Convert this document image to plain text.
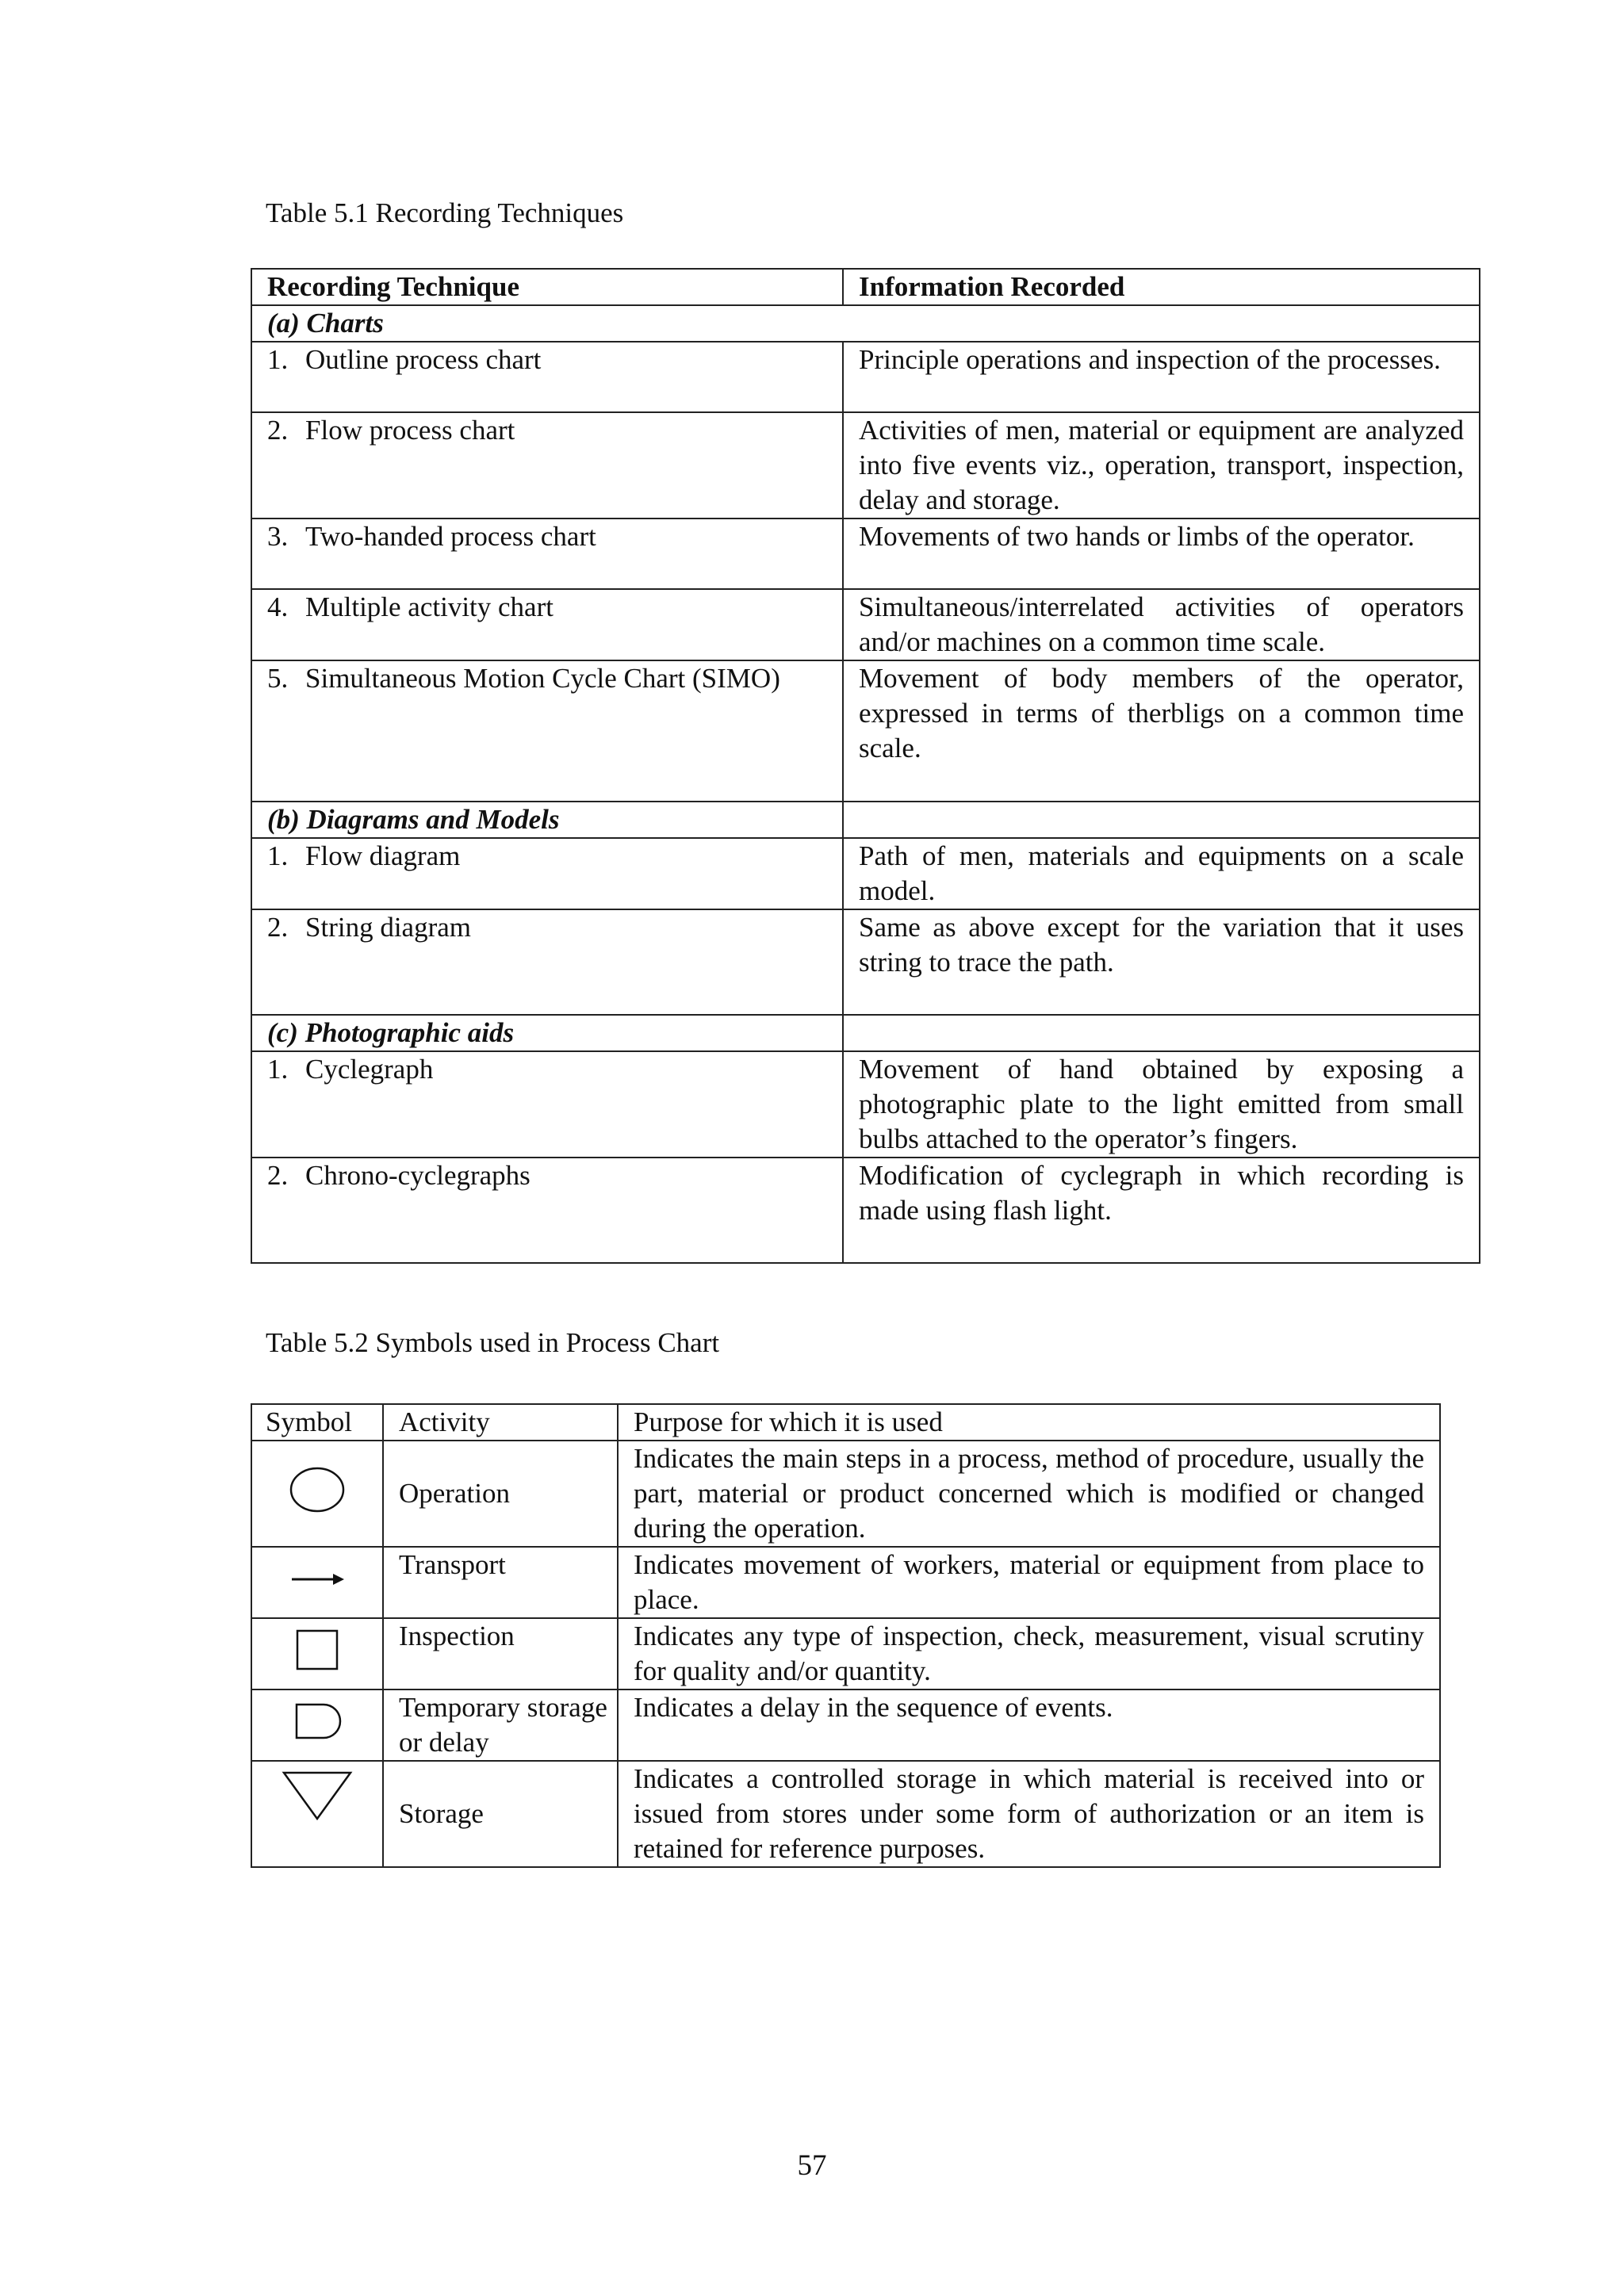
Table 5.1 Recording Techniques

Recording Technique	Information Recorded
(a) Charts	
1. Outline process chart	Principle operations and inspection of the processes.
2. Flow process chart	Activities of men, material or equipment are analyzed into five events viz., operation, transport, inspection, delay and storage.
3. Two-handed process chart	Movements of two hands or limbs of the operator.
4. Multiple activity chart	Simultaneous/interrelated activities of operators and/or machines on a common time scale.
5. Simultaneous Motion Cycle Chart (SIMO)	Movement of body members of the operator, expressed in terms of therbligs on a common time scale.
(b) Diagrams and Models	
1. Flow diagram	Path of men, materials and equipments on a scale model.
2. String diagram	Same as above except for the variation that it uses string to trace the path.
(c) Photographic aids	
1. Cyclegraph	Movement of hand obtained by exposing a photographic plate to the light emitted from small bulbs attached to the operator’s fingers.
2. Chrono-cyclegraphs	Modification of cyclegraph in which recording is made using flash light.

Table 5.2 Symbols used in Process Chart

Symbol	Activity	Purpose for which it is used
	Operation	Indicates the main steps in a process, method of procedure, usually the part, material or product concerned which is modified or changed during the operation.
	Transport	Indicates movement of workers, material or equipment from place to place.
	Inspection	Indicates any type of inspection, check, measurement, visual scrutiny for quality and/or quantity.
	Temporary storage or delay	Indicates a delay in the sequence of events.
	Storage	Indicates a controlled storage in which material is received into or issued from stores under some form of authorization or an item is retained for reference purposes.
57
